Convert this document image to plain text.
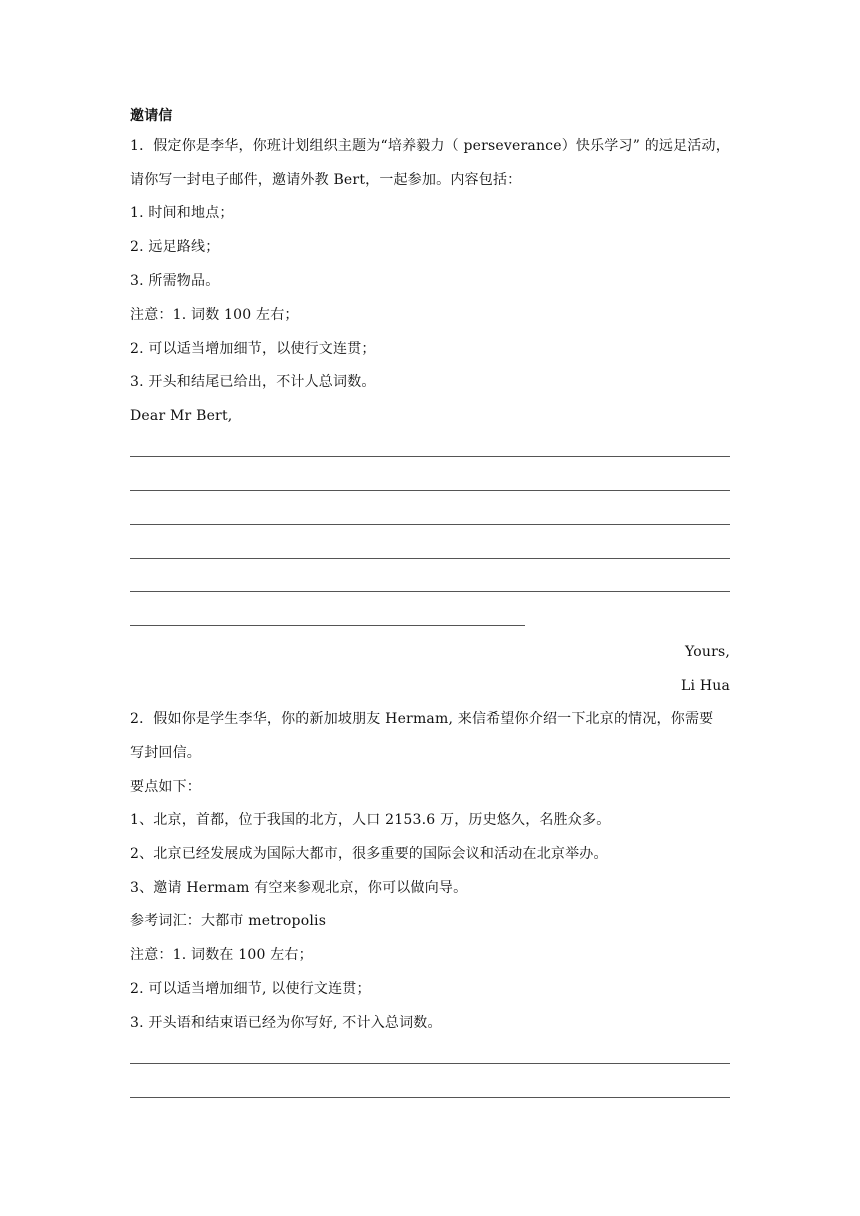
邀请信
1．假定你是李华，你班计划组织主题为“培养毅力（ perseverance）快乐学习” 的远足活动，
请你写一封电子邮件，邀请外教 Bert，一起参加。内容包括：
1. 时间和地点；
2. 远足路线；
3. 所需物品。
注意：1. 词数 100 左右；
2. 可以适当增加细节，以使行文连贯；
3. 开头和结尾已给出，不计人总词数。
Dear Mr Bert,
Yours,
Li Hua
2．假如你是学生李华，你的新加坡朋友 Hermam, 来信希望你介绍一下北京的情况，你需要
写封回信。
要点如下：
1、北京，首都，位于我国的北方，人口 2153.6 万，历史悠久，名胜众多。
2、北京已经发展成为国际大都市，很多重要的国际会议和活动在北京举办。
3、邀请 Hermam 有空来参观北京，你可以做向导。
参考词汇：大都市 metropolis
注意：1. 词数在 100 左右；
2. 可以适当增加细节, 以使行文连贯；
3. 开头语和结束语已经为你写好, 不计入总词数。
